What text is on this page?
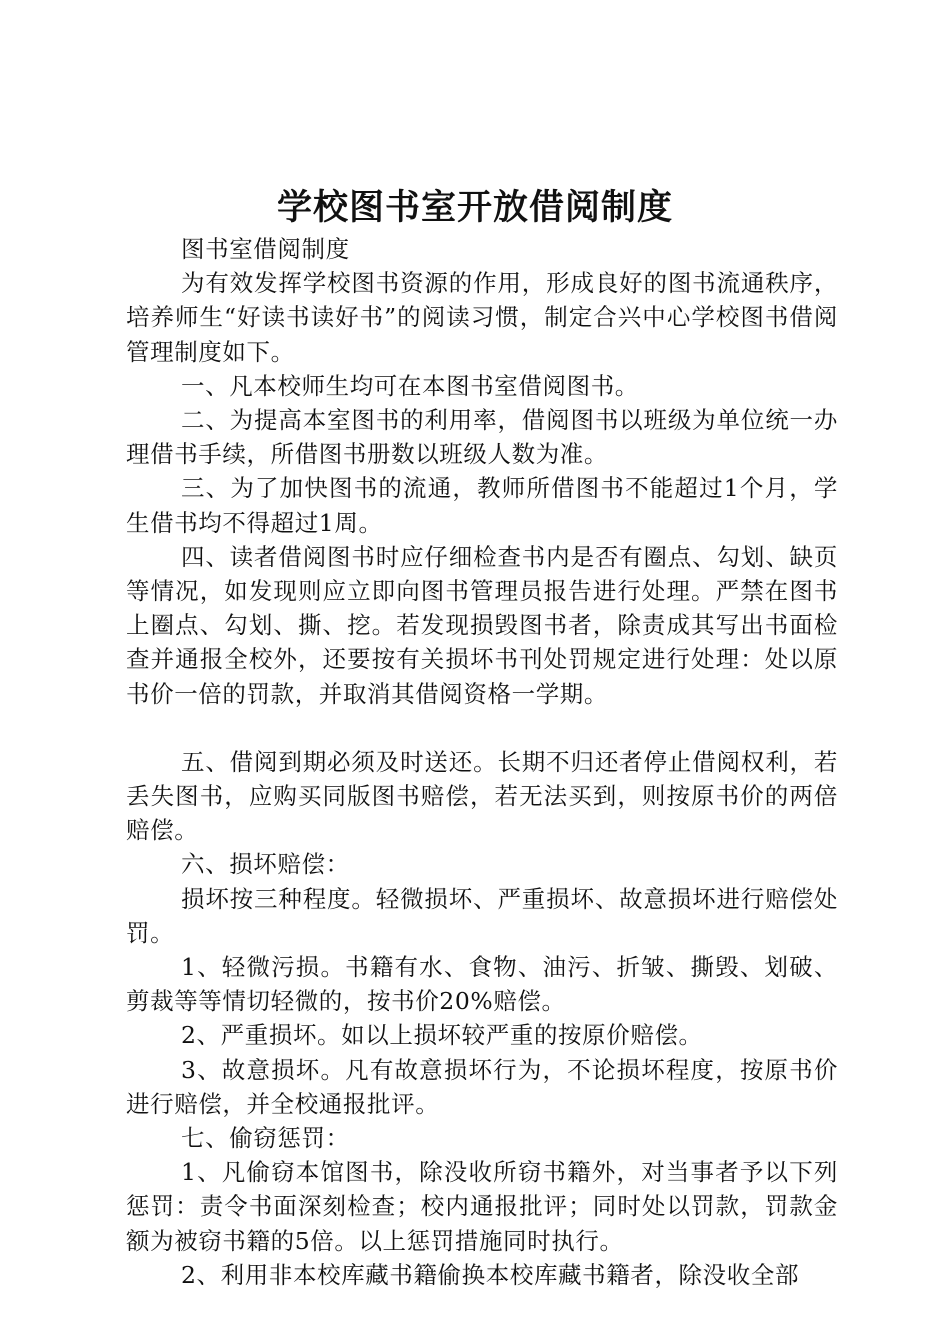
学校图书室开放借阅制度

图书室借阅制度

为有效发挥学校图书资源的作用，形成良好的图书流通秩序，培养师生“好读书读好书”的阅读习惯，制定合兴中心学校图书借阅管理制度如下。

一、凡本校师生均可在本图书室借阅图书。

二、为提高本室图书的利用率，借阅图书以班级为单位统一办理借书手续，所借图书册数以班级人数为准。

三、为了加快图书的流通，教师所借图书不能超过1个月，学生借书均不得超过1周。

四、读者借阅图书时应仔细检查书内是否有圈点、勾划、缺页等情况，如发现则应立即向图书管理员报告进行处理。严禁在图书上圈点、勾划、撕、挖。若发现损毁图书者，除责成其写出书面检查并通报全校外，还要按有关损坏书刊处罚规定进行处理：处以原书价一倍的罚款，并取消其借阅资格一学期。

五、借阅到期必须及时送还。长期不归还者停止借阅权利，若丢失图书，应购买同版图书赔偿，若无法买到，则按原书价的两倍赔偿。

六、损坏赔偿：

损坏按三种程度。轻微损坏、严重损坏、故意损坏进行赔偿处罚。

1、轻微污损。书籍有水、食物、油污、折皱、撕毁、划破、剪裁等等情切轻微的，按书价20%赔偿。

2、严重损坏。如以上损坏较严重的按原价赔偿。

3、故意损坏。凡有故意损坏行为，不论损坏程度，按原书价进行赔偿，并全校通报批评。

七、偷窃惩罚：

1、凡偷窃本馆图书，除没收所窃书籍外，对当事者予以下列惩罚：责令书面深刻检查；校内通报批评；同时处以罚款，罚款金额为被窃书籍的5倍。以上惩罚措施同时执行。

2、利用非本校库藏书籍偷换本校库藏书籍者，除没收全部
